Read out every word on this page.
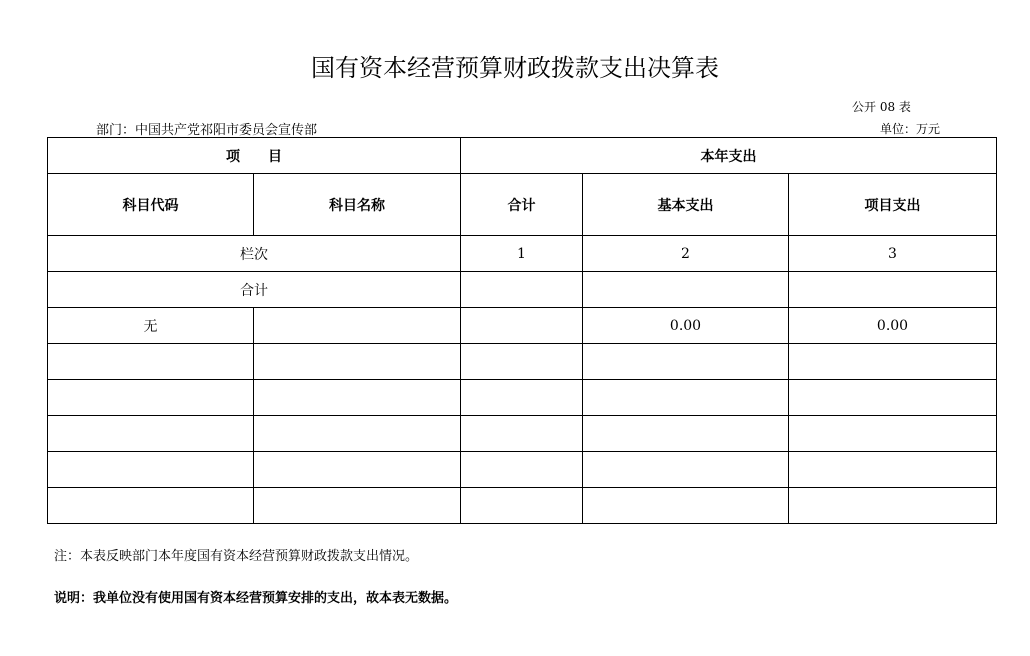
国有资本经营预算财政拨款支出决算表
公开 08 表
部门：中国共产党祁阳市委员会宣传部	单位：万元
项　　目		本年支出		
科目代码	科目名称	合计	基本支出	项目支出
栏次		1	2	3
合计				
无			0.00	0.00

注：本表反映部门本年度国有资本经营预算财政拨款支出情况。
说明：我单位没有使用国有资本经营预算安排的支出，故本表无数据。
